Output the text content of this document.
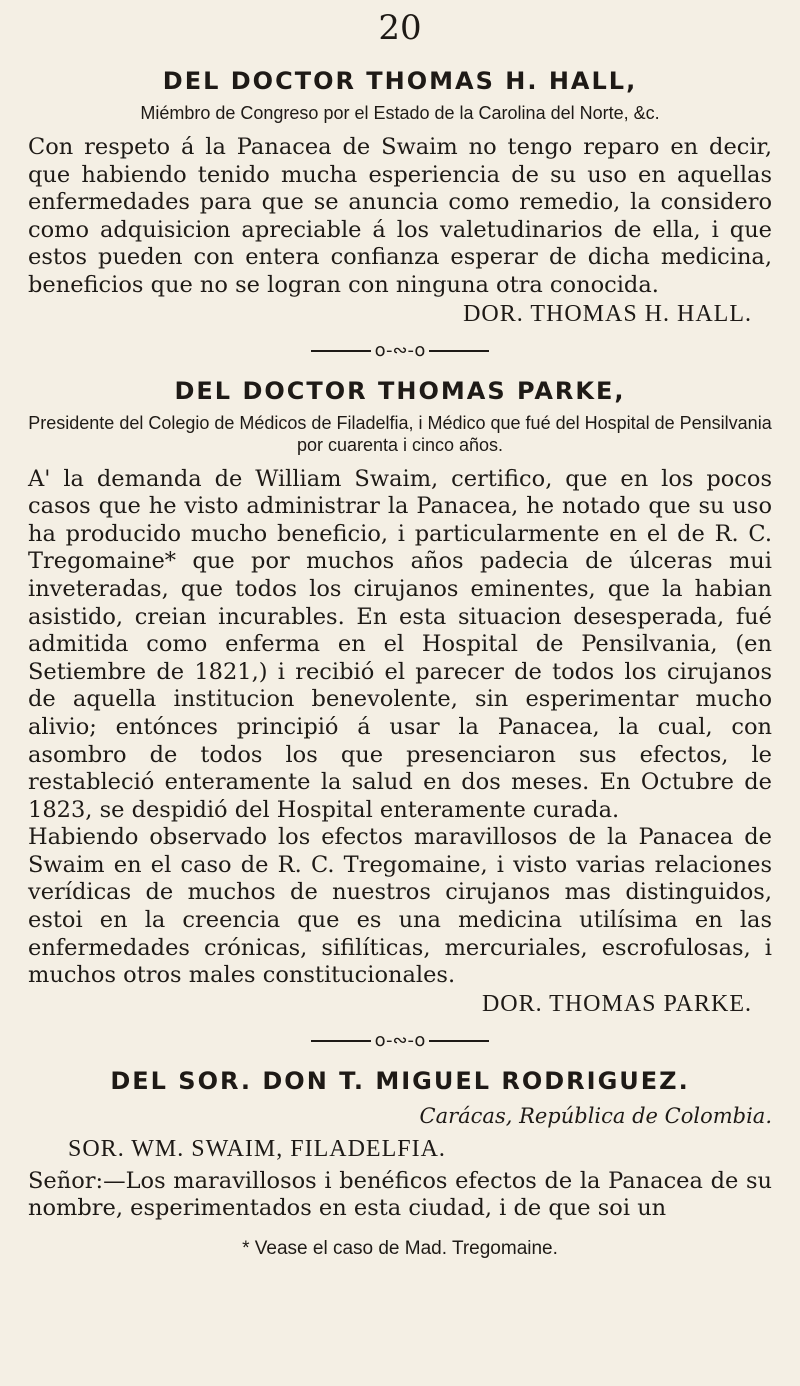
20
DEL DOCTOR THOMAS H. HALL,
Miémbro de Congreso por el Estado de la Carolina del Norte, &c.

Con respeto á la Panacea de Swaim no tengo reparo en decir, que habiendo tenido mucha esperiencia de su uso en aquellas enfermedades para que se anuncia como remedio, la considero como adquisicion apreciable á los valetudinarios de ella, i que estos pueden con entera confianza esperar de dicha medicina, beneficios que no se logran con ninguna otra conocida.

DOR. THOMAS H. HALL.
o-∾-o
DEL DOCTOR THOMAS PARKE,
Presidente del Colegio de Médicos de Filadelfia, i Médico que fué del Hospital de Pensilvania por cuarenta i cinco años.

A' la demanda de William Swaim, certifico, que en los pocos casos que he visto administrar la Panacea, he notado que su uso ha producido mucho beneficio, i particularmente en el de R. C. Tregomaine* que por muchos años padecia de úlceras mui inveteradas, que todos los cirujanos eminentes, que la habian asistido, creian incurables. En esta situacion desesperada, fué admitida como enferma en el Hospital de Pensilvania, (en Setiembre de 1821,) i recibió el parecer de todos los cirujanos de aquella institucion benevolente, sin esperimentar mucho alivio; entónces principió á usar la Panacea, la cual, con asombro de todos los que presenciaron sus efectos, le restableció enteramente la salud en dos meses. En Octubre de 1823, se despidió del Hospital enteramente curada.

Habiendo observado los efectos maravillosos de la Panacea de Swaim en el caso de R. C. Tregomaine, i visto varias relaciones verídicas de muchos de nuestros cirujanos mas distinguidos, estoi en la creencia que es una medicina utilísima en las enfermedades crónicas, sifilíticas, mercuriales, escrofulosas, i muchos otros males constitucionales.

DOR. THOMAS PARKE.
o-∾-o
DEL SOR. DON T. MIGUEL RODRIGUEZ.
Carácas, República de Colombia.
SOR. WM. SWAIM, FILADELFIA.

Señor:—Los maravillosos i benéficos efectos de la Panacea de su nombre, esperimentados en esta ciudad, i de que soi un

* Vease el caso de Mad. Tregomaine.
